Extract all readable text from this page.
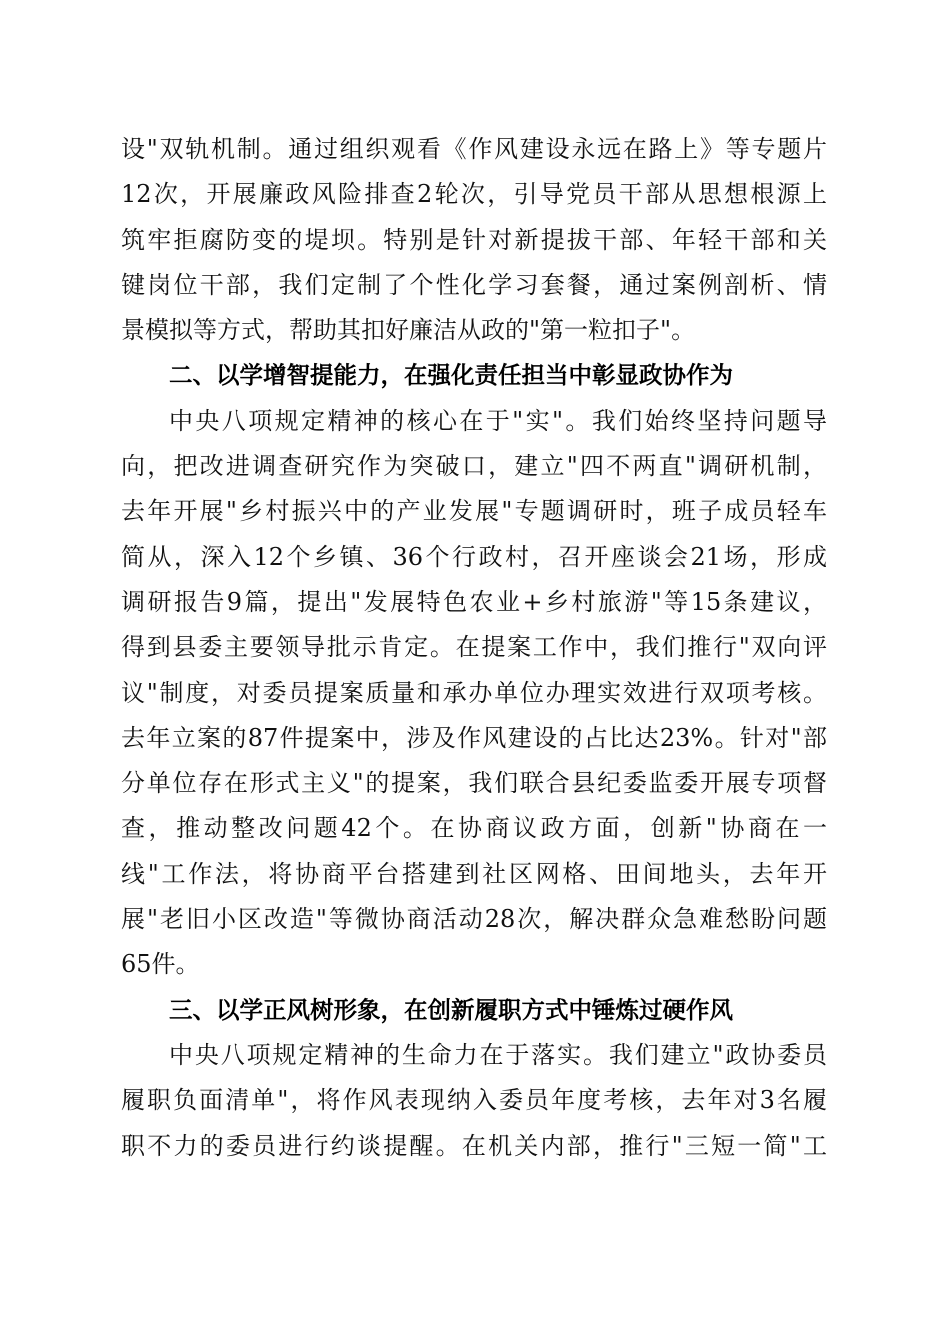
设"双轨机制。通过组织观看《作风建设永远在路上》等专题片
12次，开展廉政风险排查2轮次，引导党员干部从思想根源上
筑牢拒腐防变的堤坝。特别是针对新提拔干部、年轻干部和关
键岗位干部，我们定制了个性化学习套餐，通过案例剖析、情
景模拟等方式，帮助其扣好廉洁从政的"第一粒扣子"。
二、以学增智提能力，在强化责任担当中彰显政协作为
中央八项规定精神的核心在于"实"。我们始终坚持问题导
向，把改进调查研究作为突破口，建立"四不两直"调研机制，
去年开展"乡村振兴中的产业发展"专题调研时，班子成员轻车
简从，深入12个乡镇、36个行政村，召开座谈会21场，形成
调研报告9篇，提出"发展特色农业+乡村旅游"等15条建议，
得到县委主要领导批示肯定。在提案工作中，我们推行"双向评
议"制度，对委员提案质量和承办单位办理实效进行双项考核。
去年立案的87件提案中，涉及作风建设的占比达23%。针对"部
分单位存在形式主义"的提案，我们联合县纪委监委开展专项督
查，推动整改问题42个。在协商议政方面，创新"协商在一
线"工作法，将协商平台搭建到社区网格、田间地头，去年开
展"老旧小区改造"等微协商活动28次，解决群众急难愁盼问题
65件。
三、以学正风树形象，在创新履职方式中锤炼过硬作风
中央八项规定精神的生命力在于落实。我们建立"政协委员
履职负面清单"，将作风表现纳入委员年度考核，去年对3名履
职不力的委员进行约谈提醒。在机关内部，推行"三短一简"工
